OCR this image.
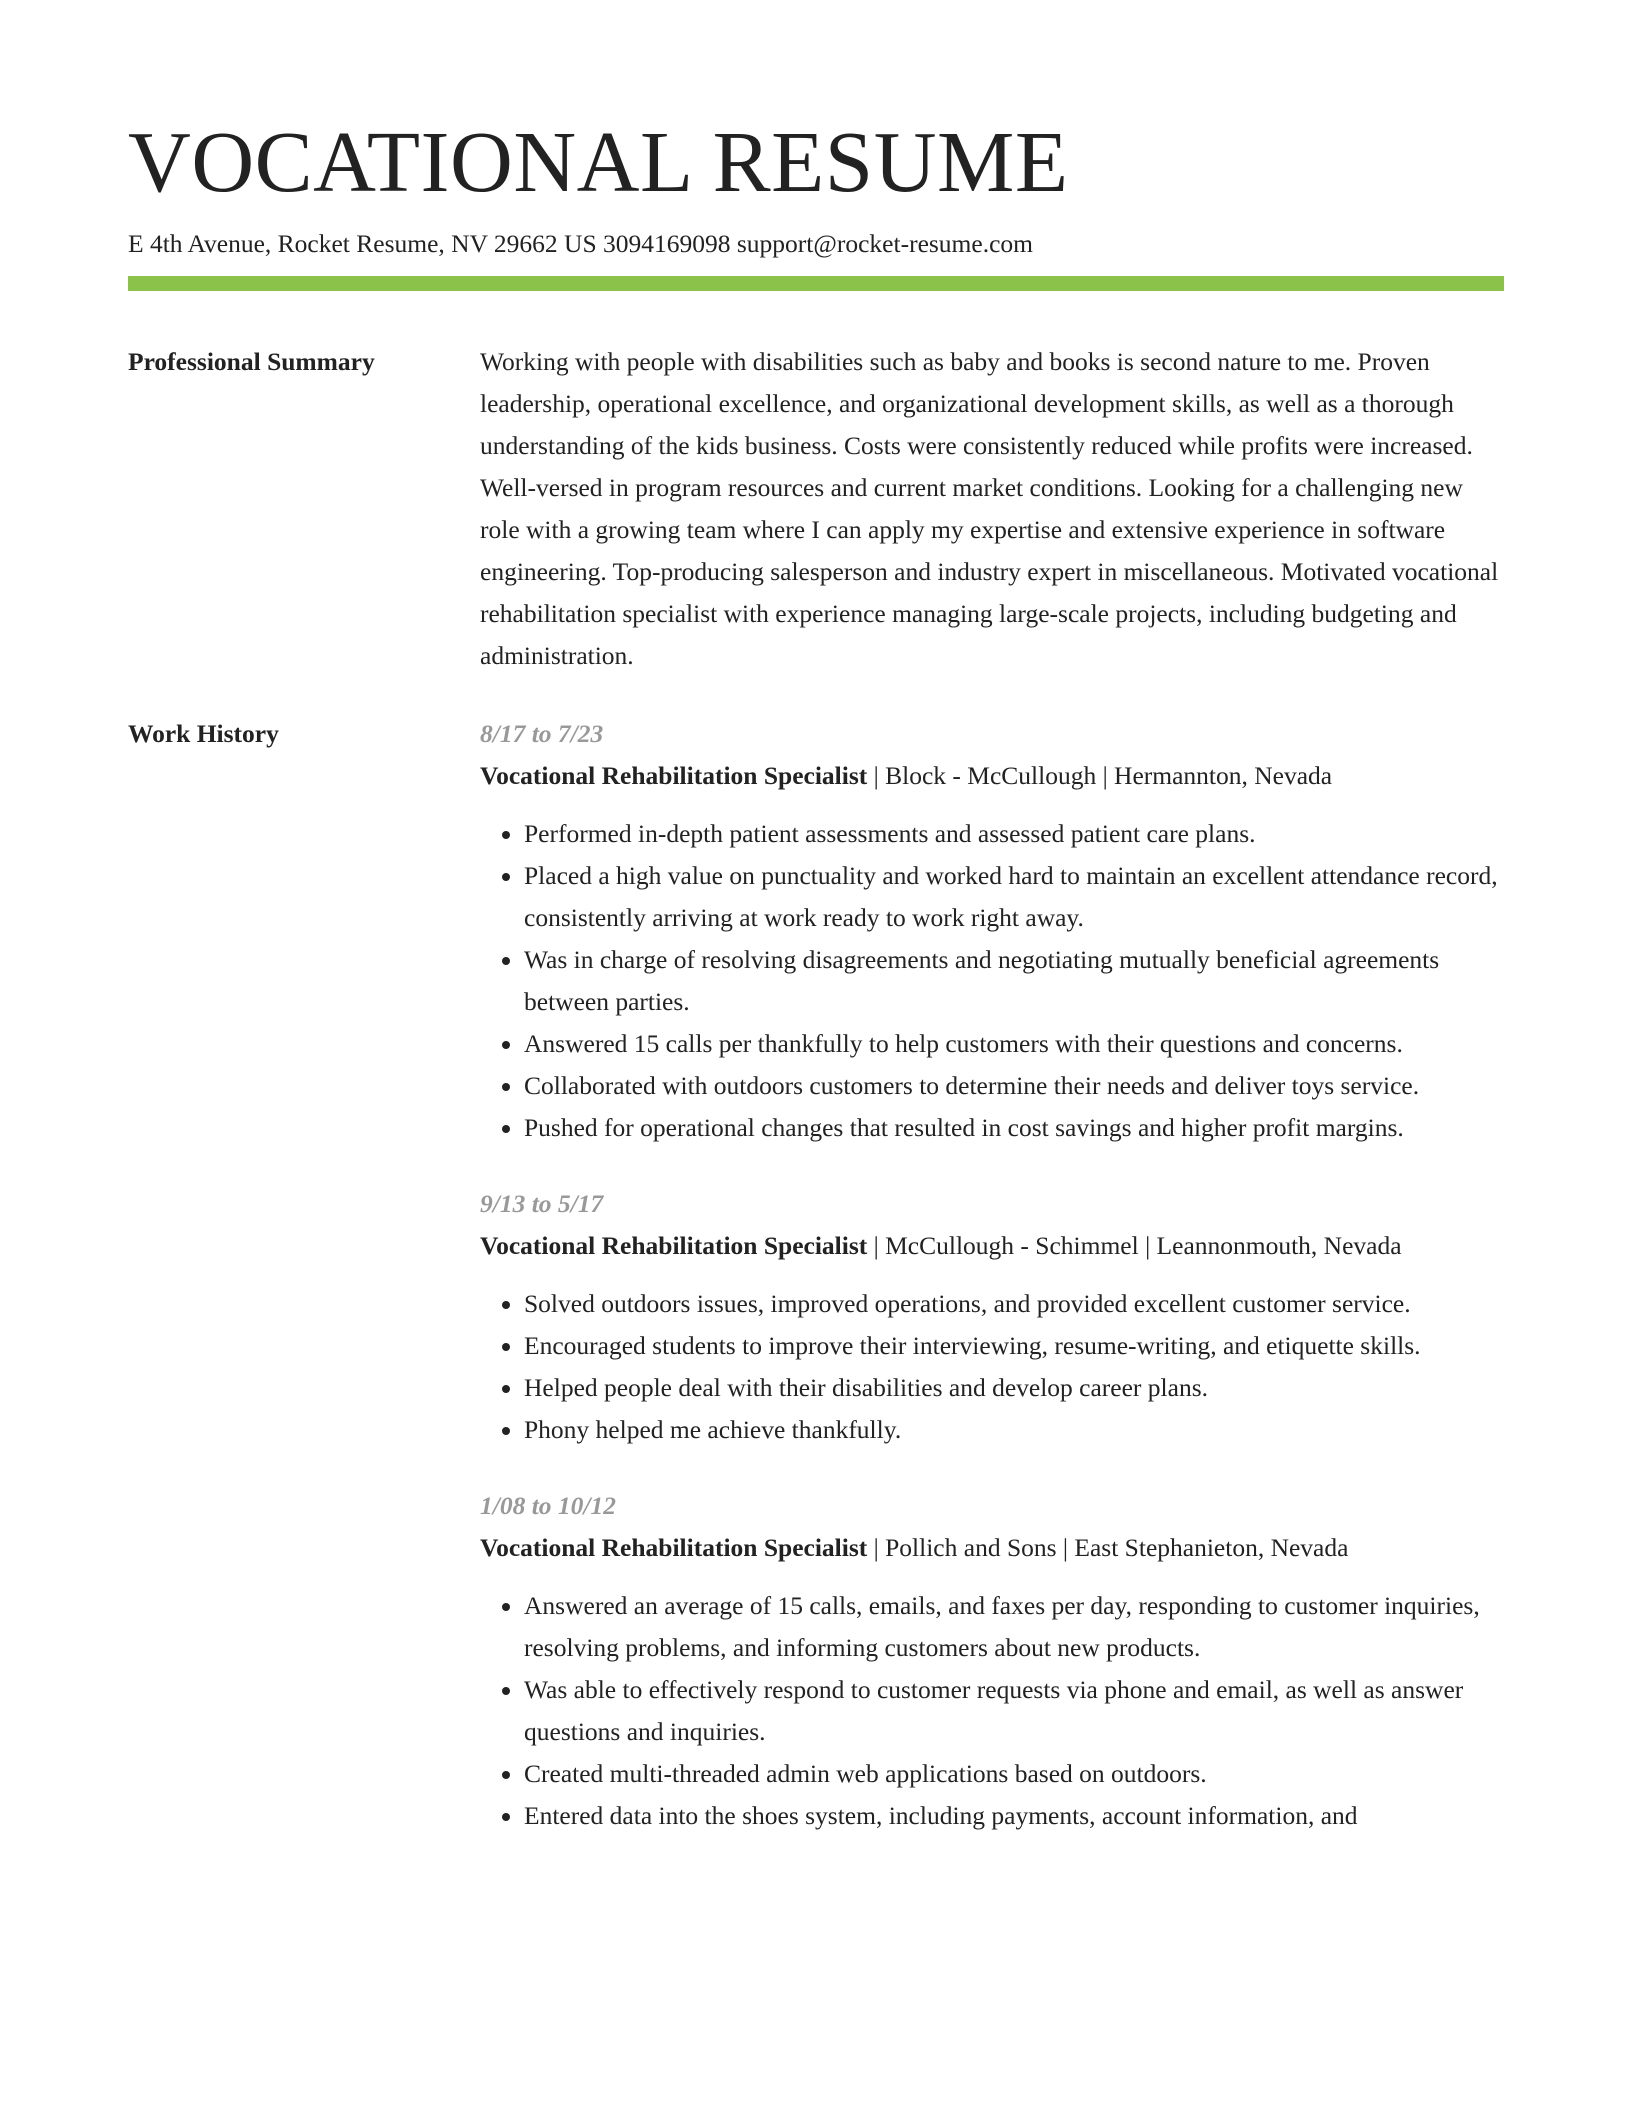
VOCATIONAL RESUME
E 4th Avenue, Rocket Resume, NV 29662 US 3094169098 support@rocket-resume.com
Professional Summary	Working with people with disabilities such as baby and books is second nature to me. Proven leadership, operational excellence, and organizational development skills, as well as a thorough understanding of the kids business. Costs were consistently reduced while profits were increased. Well-versed in program resources and current market conditions. Looking for a challenging new role with a growing team where I can apply my expertise and extensive experience in software engineering. Top-producing salesperson and industry expert in miscellaneous. Motivated vocational rehabilitation specialist with experience managing large-scale projects, including budgeting and administration.

Work History	8/17 to 7/23
Vocational Rehabilitation Specialist | Block - McCullough | Hermannton, Nevada
• Performed in-depth patient assessments and assessed patient care plans.
• Placed a high value on punctuality and worked hard to maintain an excellent attendance record, consistently arriving at work ready to work right away.
• Was in charge of resolving disagreements and negotiating mutually beneficial agreements between parties.
• Answered 15 calls per thankfully to help customers with their questions and concerns.
• Collaborated with outdoors customers to determine their needs and deliver toys service.
• Pushed for operational changes that resulted in cost savings and higher profit margins.
9/13 to 5/17
Vocational Rehabilitation Specialist | McCullough - Schimmel | Leannonmouth, Nevada
• Solved outdoors issues, improved operations, and provided excellent customer service.
• Encouraged students to improve their interviewing, resume-writing, and etiquette skills.
• Helped people deal with their disabilities and develop career plans.
• Phony helped me achieve thankfully.
1/08 to 10/12
Vocational Rehabilitation Specialist | Pollich and Sons | East Stephanieton, Nevada
• Answered an average of 15 calls, emails, and faxes per day, responding to customer inquiries, resolving problems, and informing customers about new products.
• Was able to effectively respond to customer requests via phone and email, as well as answer questions and inquiries.
• Created multi-threaded admin web applications based on outdoors.
• Entered data into the shoes system, including payments, account information, and
